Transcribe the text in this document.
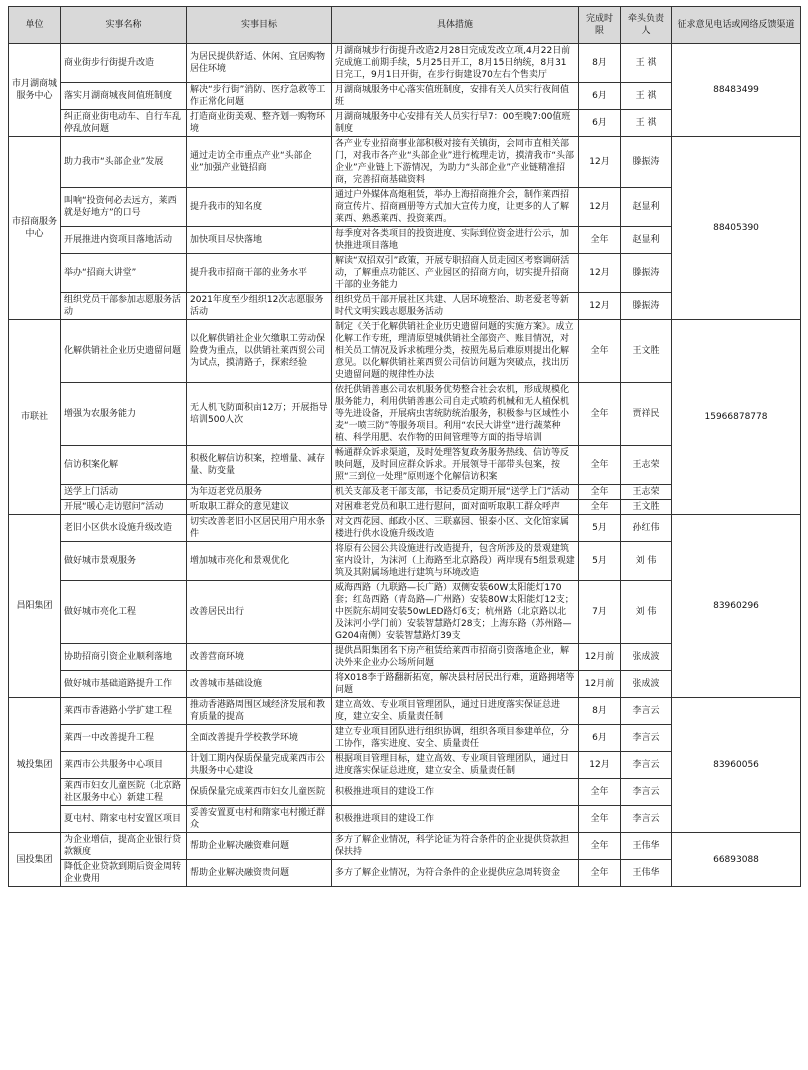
单位	实事名称	实事目标	具体措施	完成时限	牵头负责人	征求意见电话或网络反馈渠道
市月湖商城服务中心	商业街步行街提升改造	为居民提供舒适、休闲、宜居购物居住环境	月湖商城步行街提升改造2月28日完成发改立项,4月22日前完成施工前期手续，5月25日开工，8月15日纳统，8月31日完工，9月1日开街，在步行街建设70左右个售卖厅	8月	王 祺	88483499
	落实月湖商城夜间值班制度	解决“步行街”消防、医疗急救等工作正常化问题	月湖商城服务中心落实值班制度，安排有关人员实行夜间值班	6月	王 祺	
	纠正商业街电动车、自行车乱停乱放问题	打造商业街美观、整齐划一购物环境	月湖商城服务中心安排有关人员实行早7：00至晚7:00值班制度	6月	王 祺	
市招商服务中心	助力我市“头部企业”发展	通过走访全市重点产业“头部企业”加强产业链招商	各产业专业招商事业部积极对接有关镇街，会同市直相关部门，对我市各产业“头部企业”进行梳理走访，摸清我市“头部企业”产业链上下游情况，为助力“头部企业”产业链精准招商，完善招商基础资料	12月	滕振涛	88405390
	叫响“投资何必去远方，莱西就是好地方”的口号	提升我市的知名度	通过户外媒体高炮租赁，举办上海招商推介会，制作莱西招商宣传片、招商画册等方式加大宣传力度，让更多的人了解莱西、熟悉莱西、投资莱西。	12月	赵显利	
	开展推进内资项目落地活动	加快项目尽快落地	每季度对各类项目的投资进度、实际到位资金进行公示，加快推进项目落地	全年	赵显利	
	举办“招商大讲堂”	提升我市招商干部的业务水平	解读“双招双引”政策，开展专职招商人员走园区考察调研活动，了解重点功能区、产业园区的招商方向，切实提升招商干部的业务能力	12月	滕振涛	
	组织党员干部参加志愿服务活动	2021年度至少组织12次志愿服务活动	组织党员干部开展社区共建、人居环境整治、助老爱老等新时代文明实践志愿服务活动	12月	滕振涛	
市联社	化解供销社企业历史遗留问题	以化解供销社企业欠缴职工劳动保险费为重点，以供销社莱西贸公司为试点，摸清路子，探索经验	制定《关于化解供销社企业历史遗留问题的实施方案》。成立化解工作专班，理清原望城供销社全部资产、账目情况，对相关员工情况及诉求梳理分类，按照先易后难原则提出化解意见。以化解供销社莱西贸公司信访问题为突破点，找出历史遗留问题的规律性办法	全年	王文胜	15966878778
	增强为农服务能力	无人机飞防面积亩12万；开展指导培训500人次	依托供销善惠公司农机服务优势整合社会农机，形成规模化服务能力，利用供销善惠公司自走式喷药机械和无人植保机等先进设备，开展病虫害统防统治服务，积极参与区域性小麦“一喷三防”等服务项目。利用“农民大讲堂”进行蔬菜种植、科学用肥、农作物的田间管理等方面的指导培训	全年	贾祥民	
	信访积案化解	积极化解信访积案，控增量、减存量、防变量	畅通群众诉求渠道，及时处理答复政务服务热线、信访等反映问题，及时回应群众诉求。开展领导干部带头包案，按照“三到位一处理”原则逐个化解信访积案	全年	王志荣	
	送学上门活动	为年迈老党员服务	机关支部及老干部支部，书记委员定期开展“送学上门”活动	全年	王志荣	
	开展“暖心走访慰问”活动	听取职工群众的意见建议	对困难老党员和职工进行慰问，面对面听取职工群众呼声	全年	王文胜	
昌阳集团	老旧小区供水设施升级改造	切实改善老旧小区居民用户用水条件	对文西花园、邮政小区、三联嘉园、银泰小区、文化馆家属楼进行供水设施升级改造	5月	孙红伟	83960296
	做好城市景观服务	增加城市亮化和景观优化	将原有公园公共设施进行改造提升，包含所涉及的景观建筑室内设计，为沫河（上海路至北京路段）两岸现有5组景观建筑及其附属场地进行建筑与环境改造	5月	刘 伟	
	做好城市亮化工程	改善居民出行	威海西路（九联路—长广路）双侧安装60W太阳能灯170套；红岛西路（青岛路—广州路）安装80W太阳能灯12支；中医院东胡同安装50wLED路灯6支；杭州路（北京路以北及沫河小学门前）安装智慧路灯28支；上海东路（苏州路—G204南侧）安装智慧路灯39支	7月	刘 伟	
	协助招商引资企业顺利落地	改善营商环境	提供昌阳集团名下房产租赁给莱西市招商引资落地企业，解决外来企业办公场所问题	12月前	张成波	
	做好城市基础道路提升工作	改善城市基础设施	将X018李于路翻新拓宽，解决县村居民出行难，道路拥堵等问题	12月前	张成波	
城投集团	莱西市香港路小学扩建工程	推动香港路周围区域经济发展和教育质量的提高	建立高效、专业项目管理团队，通过日进度落实保证总进度，建立安全、质量责任制	8月	李言云	83960056
	莱西一中改善提升工程	全面改善提升学校教学环境	建立专业项目团队进行组织协调，组织各项目参建单位，分工协作，落实进度、安全、质量责任	6月	李言云	
	莱西市公共服务中心项目	计划工期内保质保量完成莱西市公共服务中心建设	根据项目管理目标，建立高效、专业项目管理团队，通过日进度落实保证总进度，建立安全、质量责任制	12月	李言云	
	莱西市妇女儿童医院（北京路社区服务中心）新建工程	保质保量完成莱西市妇女儿童医院	积极推进项目的建设工作	全年	李言云	
	夏屯村、隋家屯村安置区项目	妥善安置夏屯村和隋家屯村搬迁群众	积极推进项目的建设工作	全年	李言云	
国投集团	为企业增信，提高企业银行贷款额度	帮助企业解决融资难问题	多方了解企业情况，科学论证为符合条件的企业提供贷款担保扶持	全年	王伟华	66893088
	降低企业贷款到期后资金周转企业费用	帮助企业解决融资贵问题	多方了解企业情况，为符合条件的企业提供应急周转资金	全年	王伟华	
